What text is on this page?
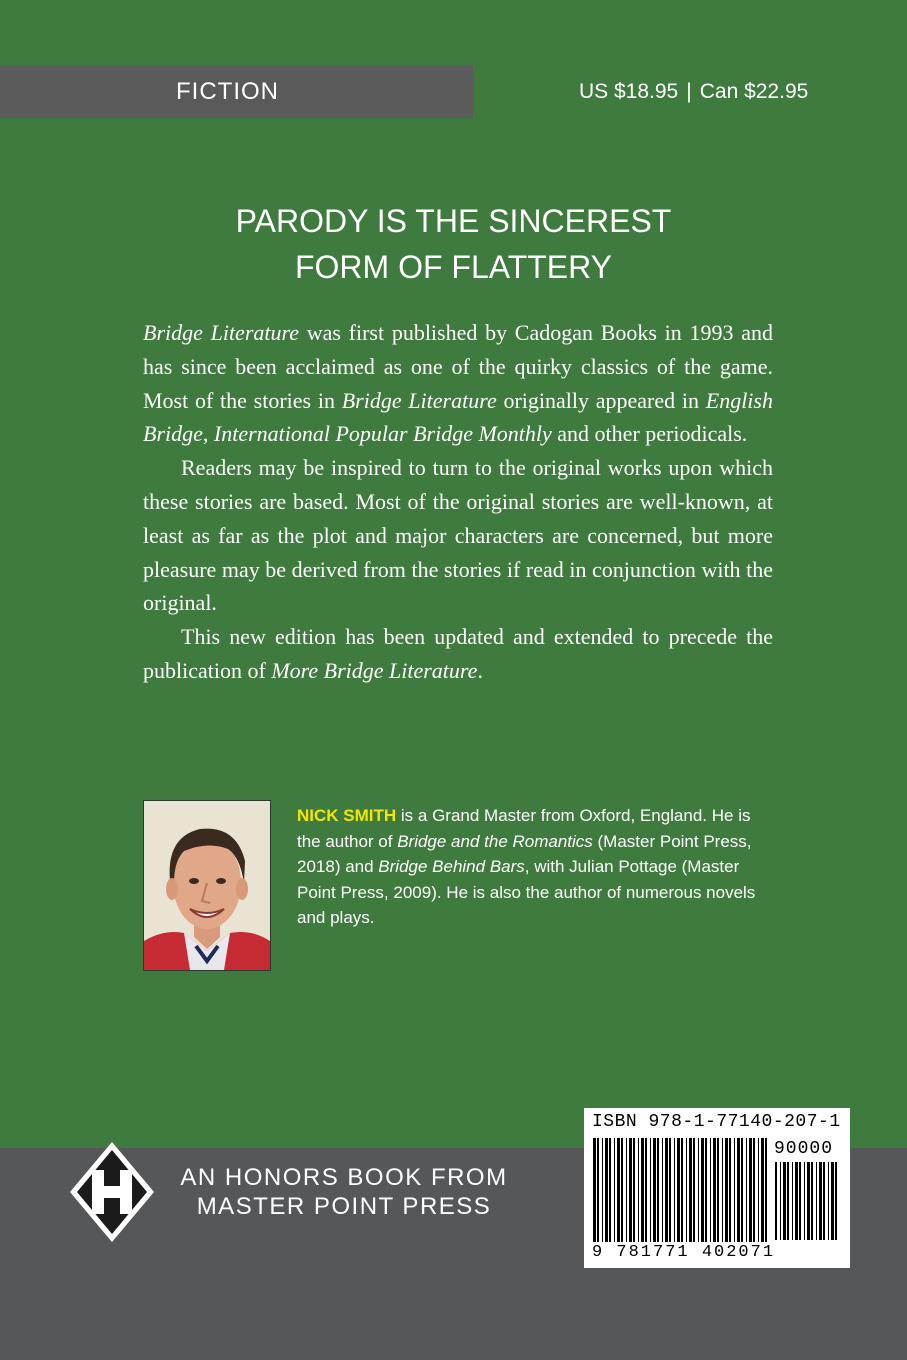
FICTION	US $18.95 | Can $22.95
PARODY IS THE SINCEREST
FORM OF FLATTERY

Bridge Literature was first published by Cadogan Books in 1993 and has since been acclaimed as one of the quirky classics of the game. Most of the stories in Bridge Literature originally appeared in English Bridge, International Popular Bridge Monthly and other periodicals.

Readers may be inspired to turn to the original works upon which these stories are based. Most of the original stories are well-known, at least as far as the plot and major characters are concerned, but more pleasure may be derived from the stories if read in conjunction with the original.

This new edition has been updated and extended to precede the publication of More Bridge Literature.

NICK SMITH is a Grand Master from Oxford, England. He is the author of Bridge and the Romantics (Master Point Press, 2018) and Bridge Behind Bars, with Julian Pottage (Master Point Press, 2009). He is also the author of numerous novels and plays.

AN HONORS BOOK FROM
MASTER POINT PRESS
ISBN 978-1-77140-207-1
90000
9 781771 402071
